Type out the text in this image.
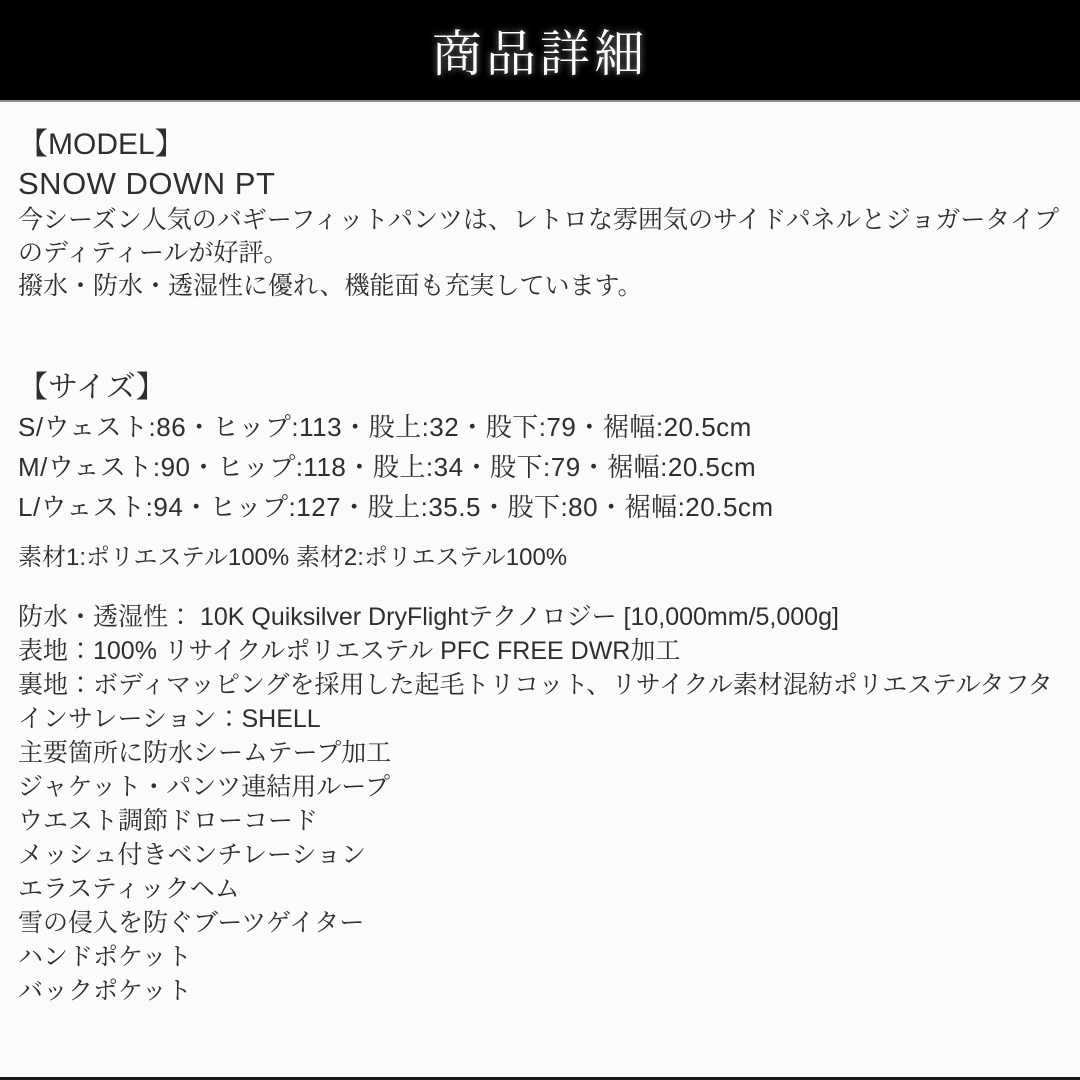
商品詳細
【MODEL】
SNOW DOWN PT
今シーズン人気のバギーフィットパンツは、レトロな雰囲気のサイドパネルとジョガータイプのディティールが好評。
撥水・防水・透湿性に優れ、機能面も充実しています。
【サイズ】
S/ウェスト:86・ヒップ:113・股上:32・股下:79・裾幅:20.5cm
M/ウェスト:90・ヒップ:118・股上:34・股下:79・裾幅:20.5cm
L/ウェスト:94・ヒップ:127・股上:35.5・股下:80・裾幅:20.5cm
素材1:ポリエステル100% 素材2:ポリエステル100%
防水・透湿性： 10K Quiksilver DryFlightテクノロジー [10,000mm/5,000g]
表地：100% リサイクルポリエステル PFC FREE DWR加工
裏地：ボディマッピングを採用した起毛トリコット、リサイクル素材混紡ポリエステルタフタ
インサレーション：SHELL
主要箇所に防水シームテープ加工
ジャケット・パンツ連結用ループ
ウエスト調節ドローコード
メッシュ付きベンチレーション
エラスティックヘム
雪の侵入を防ぐブーツゲイター
ハンドポケット
バックポケット
